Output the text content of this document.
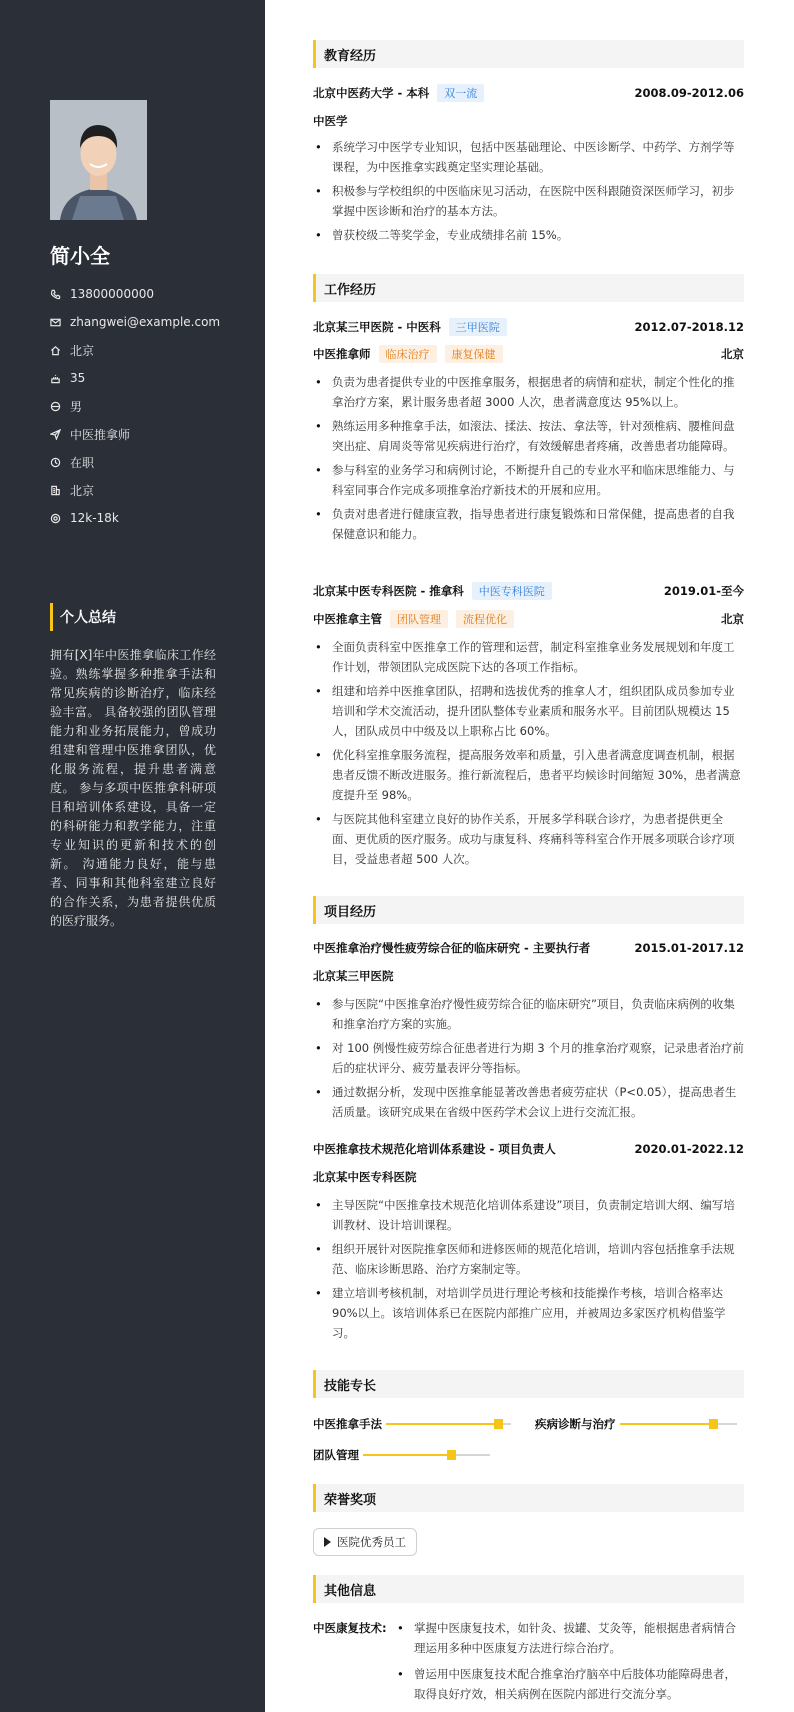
简小全
13800000000
zhangwei@example.com
北京
35
男
中医推拿师
在职
北京
12k-18k
个人总结
拥有[X]年中医推拿临床工作经验。熟练掌握多种推拿手法和常见疾病的诊断治疗，临床经验丰富。 具备较强的团队管理能力和业务拓展能力，曾成功组建和管理中医推拿团队，优化服务流程，提升患者满意度。 参与多项中医推拿科研项目和培训体系建设，具备一定的科研能力和教学能力，注重专业知识的更新和技术的创新。 沟通能力良好，能与患者、同事和其他科室建立良好的合作关系，为患者提供优质的医疗服务。
教育经历
北京中医药大学 - 本科	双一流	2008.09-2012.06
中医学
• 系统学习中医学专业知识，包括中医基础理论、中医诊断学、中药学、方剂学等课程，为中医推拿实践奠定坚实理论基础。
• 积极参与学校组织的中医临床见习活动，在医院中医科跟随资深医师学习，初步掌握中医诊断和治疗的基本方法。
• 曾获校级二等奖学金，专业成绩排名前 15%。
工作经历
北京某三甲医院 - 中医科	三甲医院	2012.07-2018.12
中医推拿师	临床治疗	康复保健	北京
• 负责为患者提供专业的中医推拿服务，根据患者的病情和症状，制定个性化的推拿治疗方案，累计服务患者超 3000 人次，患者满意度达 95%以上。
• 熟练运用多种推拿手法，如滚法、揉法、按法、拿法等，针对颈椎病、腰椎间盘突出症、肩周炎等常见疾病进行治疗，有效缓解患者疼痛，改善患者功能障碍。
• 参与科室的业务学习和病例讨论，不断提升自己的专业水平和临床思维能力、与科室同事合作完成多项推拿治疗新技术的开展和应用。
• 负责对患者进行健康宣教，指导患者进行康复锻炼和日常保健，提高患者的自我保健意识和能力。
北京某中医专科医院 - 推拿科	中医专科医院	2019.01-至今
中医推拿主管	团队管理	流程优化	北京
• 全面负责科室中医推拿工作的管理和运营，制定科室推拿业务发展规划和年度工作计划，带领团队完成医院下达的各项工作指标。
• 组建和培养中医推拿团队，招聘和选拔优秀的推拿人才，组织团队成员参加专业培训和学术交流活动，提升团队整体专业素质和服务水平。目前团队规模达 15 人，团队成员中中级及以上职称占比 60%。
• 优化科室推拿服务流程，提高服务效率和质量，引入患者满意度调查机制，根据患者反馈不断改进服务。推行新流程后，患者平均候诊时间缩短 30%，患者满意度提升至 98%。
• 与医院其他科室建立良好的协作关系，开展多学科联合诊疗，为患者提供更全面、更优质的医疗服务。成功与康复科、疼痛科等科室合作开展多项联合诊疗项目，受益患者超 500 人次。
项目经历
中医推拿治疗慢性疲劳综合征的临床研究 - 主要执行者	2015.01-2017.12
北京某三甲医院
• 参与医院“中医推拿治疗慢性疲劳综合征的临床研究”项目，负责临床病例的收集和推拿治疗方案的实施。
• 对 100 例慢性疲劳综合征患者进行为期 3 个月的推拿治疗观察，记录患者治疗前后的症状评分、疲劳量表评分等指标。
• 通过数据分析，发现中医推拿能显著改善患者疲劳症状（P<0.05），提高患者生活质量。该研究成果在省级中医药学术会议上进行交流汇报。
中医推拿技术规范化培训体系建设 - 项目负责人	2020.01-2022.12
北京某中医专科医院
• 主导医院“中医推拿技术规范化培训体系建设”项目，负责制定培训大纲、编写培训教材、设计培训课程。
• 组织开展针对医院推拿医师和进修医师的规范化培训，培训内容包括推拿手法规范、临床诊断思路、治疗方案制定等。
• 建立培训考核机制，对培训学员进行理论考核和技能操作考核，培训合格率达 90%以上。该培训体系已在医院内部推广应用，并被周边多家医疗机构借鉴学习。
技能专长
中医推拿手法	疾病诊断与治疗
团队管理
荣誉奖项
医院优秀员工
其他信息
中医康复技术:
•	掌握中医康复技术，如针灸、拔罐、艾灸等，能根据患者病情合理运用多种中医康复方法进行综合治疗。
• 曾运用中医康复技术配合推拿治疗脑卒中后肢体功能障碍患者，取得良好疗效，相关病例在医院内部进行交流分享。
